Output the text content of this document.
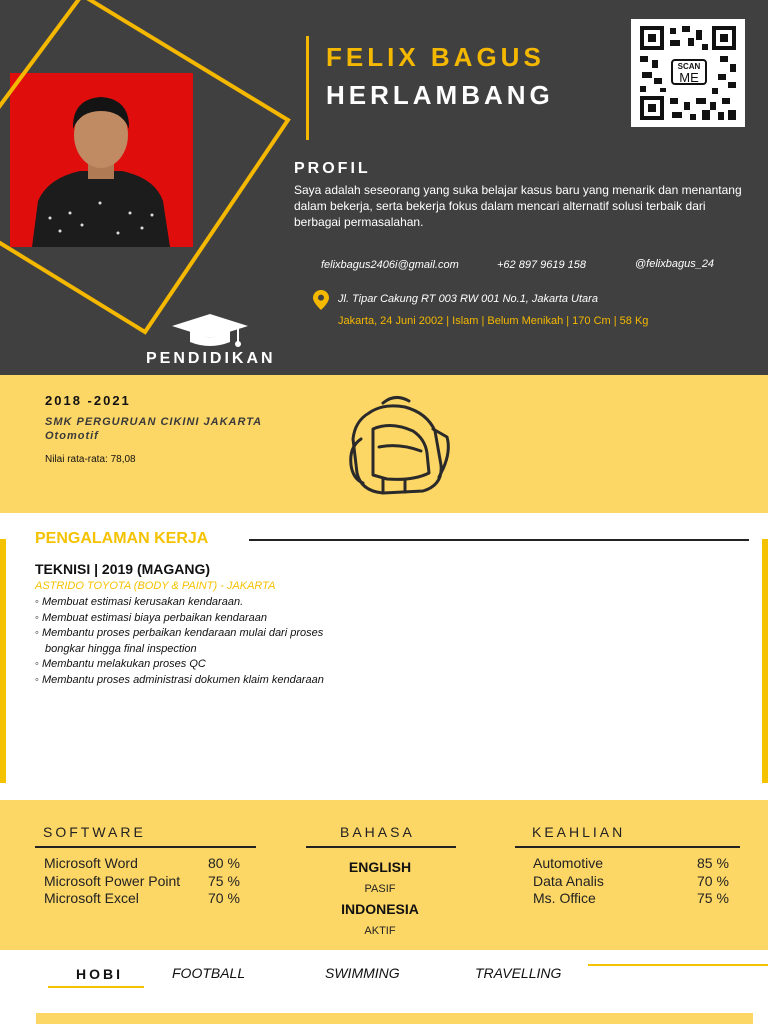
FELIX BAGUS
HERLAMBANG
SCAN
ME
PROFIL
Saya adalah seseorang yang suka belajar kasus baru yang menarik dan menantang dalam bekerja, serta bekerja fokus dalam mencari alternatif solusi terbaik dari berbagai permasalahan.
felixbagus2406i@gmail.com	+62 897 9619 158	@felixbagus_24
Jl. Tipar Cakung RT 003 RW 001 No.1, Jakarta Utara
Jakarta, 24 Juni 2002 | Islam | Belum Menikah | 170 Cm | 58 Kg
PENDIDIKAN
2018 -2021
SMK PERGURUAN CIKINI JAKARTA
Otomotif
Nilai rata-rata: 78,08
PENGALAMAN KERJA
TEKNISI | 2019 (MAGANG)
ASTRIDO TOYOTA (BODY & PAINT) - JAKARTA
◦ Membuat estimasi kerusakan kendaraan.
◦ Membuat estimasi biaya perbaikan kendaraan
◦ Membantu proses perbaikan kendaraan mulai dari proses
bongkar hingga final inspection
◦ Membantu melakukan proses QC
◦ Membantu proses administrasi dokumen klaim kendaraan
SOFTWARE
Microsoft Word	80 %
Microsoft Power Point 75 %
Microsoft Excel	70 %
BAHASA
ENGLISH
PASIF
INDONESIA
AKTIF
KEAHLIAN
Automotive	85 %
Data Analis	70 %
Ms. Office	75 %
HOBI	FOOTBALL	SWIMMING	TRAVELLING
